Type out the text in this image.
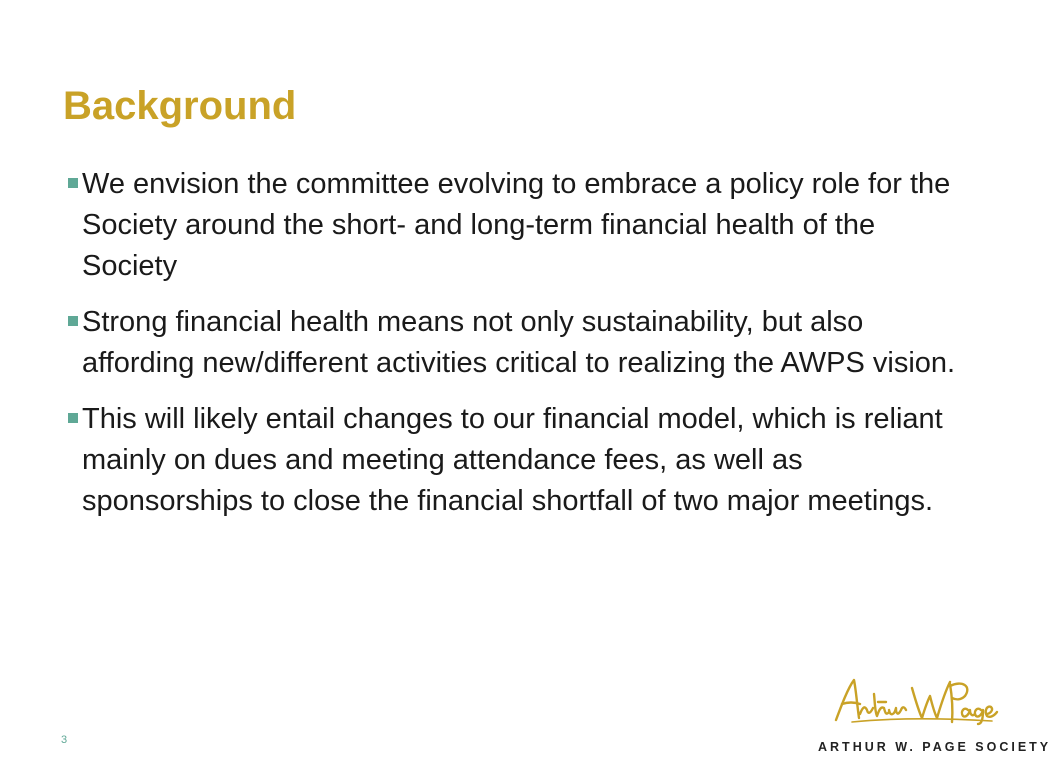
Background
We envision the committee evolving to embrace a policy role for the Society around the short- and long-term financial health of the Society
Strong financial health means not only sustainability, but also affording new/different activities critical to realizing the AWPS vision.
This will likely entail changes to our financial model, which is reliant mainly on dues and meeting attendance fees, as well as sponsorships to close the financial shortfall of two major meetings.
3	ARTHUR W. PAGE SOCIETY
